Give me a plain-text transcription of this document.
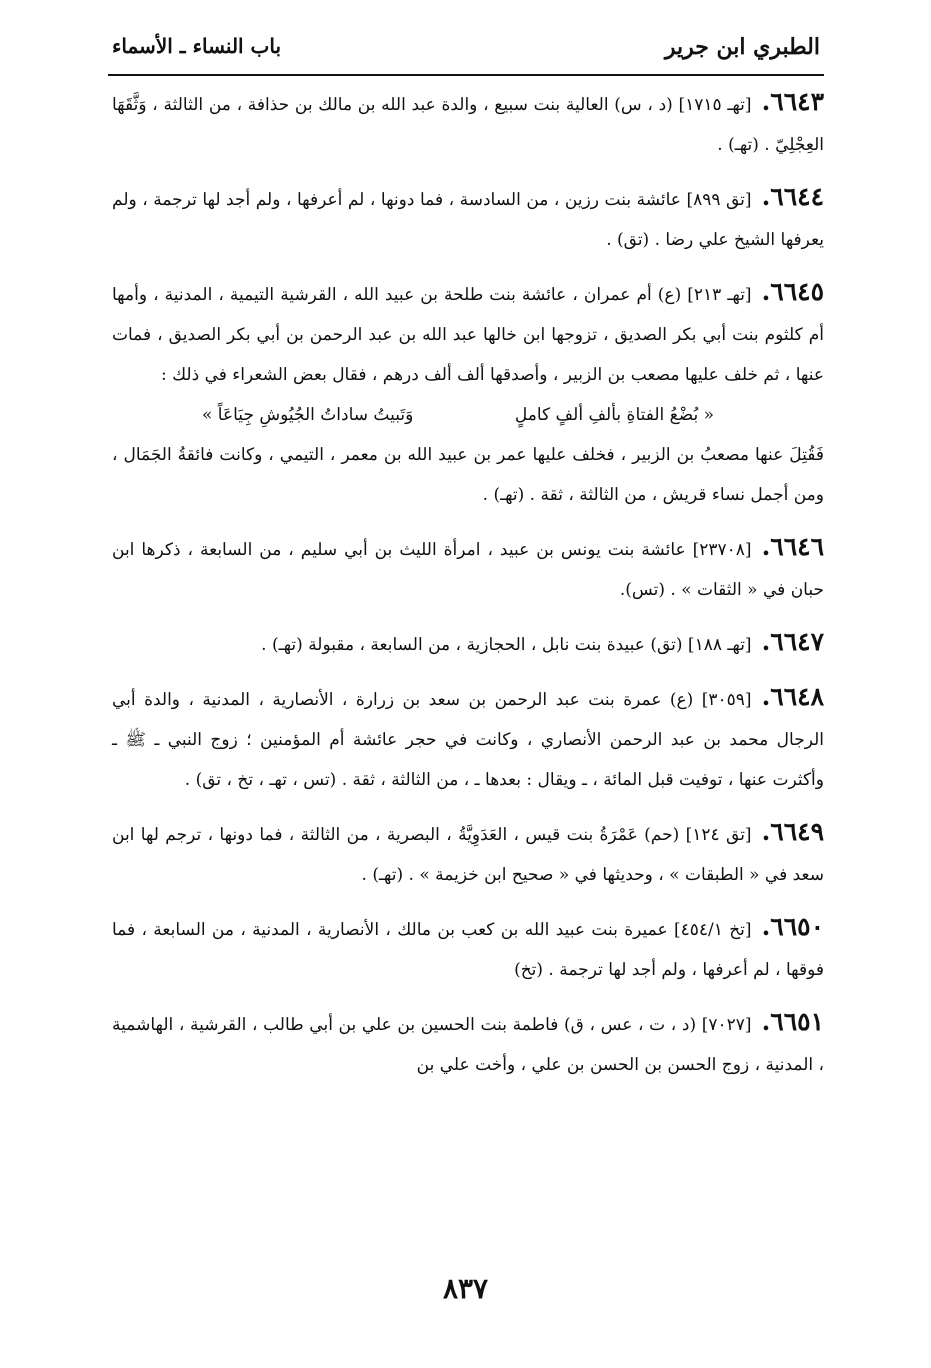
الطبري ابن جرير
باب النساء ـ الأسماء

٦٦٤٣.[تهـ ١٧١٥] (د ، س) العالية بنت سبيع ، والدة عبد الله بن مالك بن حذافة ، من الثالثة ، وَثَّقَهَا العِجْلِيّ . (تهـ) .

٦٦٤٤.[تق ٨٩٩] عائشة بنت رزين ، من السادسة ، فما دونها ، لم أعرفها ، ولم أجد لها ترجمة ، ولم يعرفها الشيخ علي رضا . (تق) .

٦٦٤٥.[تهـ ٢١٣] (ع) أم عمران ، عائشة بنت طلحة بن عبيد الله ، القرشية التيمية ، المدنية ، وأمها أم كلثوم بنت أبي بكر الصديق ، تزوجها ابن خالها عبد الله بن عبد الرحمن بن أبي بكر الصديق ، فمات عنها ، ثم خلف عليها مصعب بن الزبير ، وأصدقها ألف ألف درهم ، فقال بعض الشعراء في ذلك :

« بُضْعُ الفتاةِ بألفِ ألفٍ كاملٍ
وَتَبيتُ ساداتُ الجُيُوشِ جِيَاعَاً »

فَقُتِلَ عنها مصعبُ بن الزبير ، فخلف عليها عمر بن عبيد الله بن معمر ، التيمي ، وكانت فائقةُ الجَمَال ، ومن أجمل نساء قريش ، من الثالثة ، ثقة . (تهـ) .

٦٦٤٦.[٢٣٧٠٨] عائشة بنت يونس بن عبيد ، امرأة الليث بن أبي سليم ، من السابعة ، ذكرها ابن حبان في « الثقات » . (تس).

٦٦٤٧.[تهـ ١٨٨] (تق) عبيدة بنت نابل ، الحجازية ، من السابعة ، مقبولة (تهـ) .

٦٦٤٨.[٣٠٥٩] (ع) عمرة بنت عبد الرحمن بن سعد بن زرارة ، الأنصارية ، المدنية ، والدة أبي الرجال محمد بن عبد الرحمن الأنصاري ، وكانت في حجر عائشة أم المؤمنين ؛ زوج النبي ـ ﷺ ـ وأكثرت عنها ، توفيت قبل المائة ، ـ ويقال : بعدها ـ ، من الثالثة ، ثقة . (تس ، تهـ ، تخ ، تق) .

٦٦٤٩.[تق ١٢٤] (حم) عَمْرَةُ بنت قيس ، العَدَوِيَّةُ ، البصرية ، من الثالثة ، فما دونها ، ترجم لها ابن سعد في « الطبقات » ، وحديثها في « صحيح ابن خزيمة » . (تهـ) .

٦٦٥٠.[تخ ٤٥٤/١] عميرة بنت عبيد الله بن كعب بن مالك ، الأنصارية ، المدنية ، من السابعة ، فما فوقها ، لم أعرفها ، ولم أجد لها ترجمة . (تخ)

٦٦٥١.[٧٠٢٧] (د ، ت ، عس ، ق) فاطمة بنت الحسين بن علي بن أبي طالب ، القرشية ، الهاشمية ، المدنية ، زوج الحسن بن الحسن بن علي ، وأخت علي بن

٨٣٧
